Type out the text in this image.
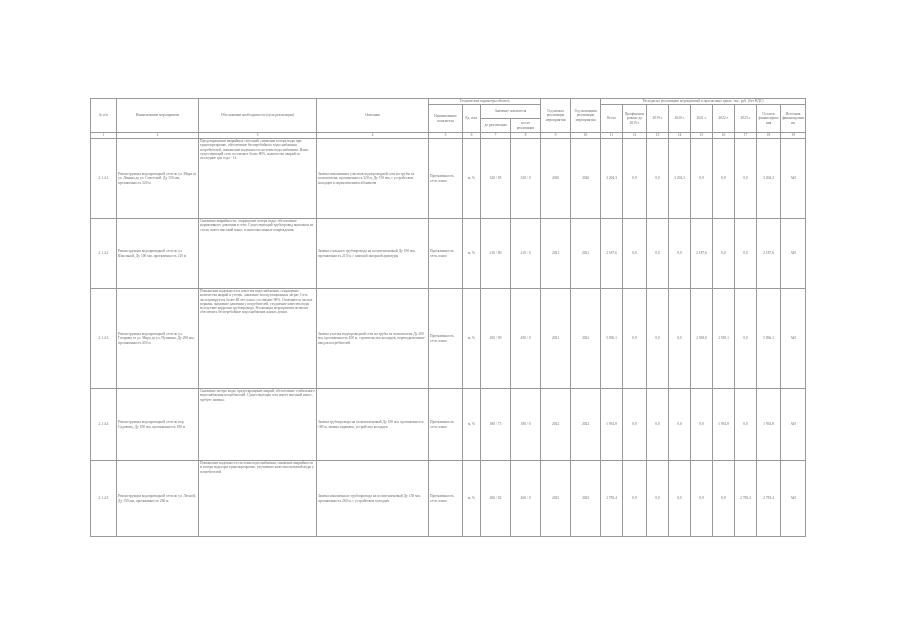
№ п/п	Наименование мероприятия	Обоснование необходимости (цель реализации)	Описание	Технические параметры объекта				Год начала реализации мероприятия	Год окончания реализации мероприятия	Расходы на реализацию мероприятий в прогнозных ценах, тыс. руб. (без НДС)								
				Наименование показателя	Ед. изм.	Значение показателя				Всего	Профинансировано до 2019 г.	2019 г.	2020 г.	2021 г.	2022 г.	2023 г.	Остаток финансирования	Источник финансирования
						до реализации	после реализации											
1	2	3	4	5	6	7	8	9	10	11	12	13	14	15	16	17	18	19
2.1.4.1	Реконструкция водопроводной сети по ул. Мира от ул. Ленина до ул. Советской, Ду 150 мм, протяженность 320 м	Предотвращение аварийных ситуаций, снижение потерь воды при транспортировке, обеспечение бесперебойного водоснабжения потребителей, повышение надежности системы водоснабжения. Износ существующей сети составляет более 80%, количество аварий за последние три года - 12.	Замена изношенных участков водопроводной сети на трубы из полиэтилена, протяженность 320 м, Ду 150 мм, с устройством колодцев и переключением абонентов	Протяженность сети, износ	м, %	320 / 85	320 / 0	2020	2020	3 204,3	0,0	0,0	3 204,3	0,0	0,0	0,0	3 204,3	АИ
2.1.4.2	Реконструкция водопроводной сети по ул. Школьной, Ду 100 мм, протяженность 210 м	Снижение аварийности, сокращение потерь воды, обеспечение нормативного давления в сети. Существующий трубопровод выполнен из стали, имеет высокий износ и многочисленные повреждения.	Замена стального трубопровода на полиэтиленовый Ду 100 мм, протяженность 210 м, с заменой запорной арматуры	Протяженность сети, износ	м, %	210 / 80	210 / 0	2021	2021	2 187,6	0,0	0,0	0,0	2 187,6	0,0	0,0	2 187,6	АИ
2.1.4.3	Реконструкция водопроводной сети по ул. Гагарина от ул. Мира до ул. Пушкина, Ду 200 мм, протяженность 450 м	Повышение надежности и качества водоснабжения, сокращение количества аварий и утечек, снижение эксплуатационных затрат. Сеть эксплуатируется более 40 лет, износ составляет 90%. Отмечаются частые порывы, снижение давления у потребителей, ухудшение качества воды вследствие коррозии трубопровода. Реализация мероприятия позволит обеспечить бесперебойное водоснабжение жилых домов.	Замена участка водопроводной сети на трубы из полиэтилена Ду 200 мм, протяженность 450 м, строительство колодцев, переподключение вводов потребителей	Протяженность сети, износ	м, %	450 / 90	450 / 0	2021	2022	5 836,1	0,0	0,0	0,0	2 918,0	2 918,1	0,0	5 836,1	АИ
2.1.4.4	Реконструкция водопроводной сети по пер. Садовому, Ду 100 мм, протяженность 180 м	Снижение потерь воды, предотвращение аварий, обеспечение стабильного водоснабжения потребителей. Существующая сеть имеет высокий износ, требует замены.	Замена трубопровода на полиэтиленовый Ду 100 мм, протяженность 180 м, замена задвижек, устройство колодцев	Протяженность сети, износ	м, %	180 / 75	180 / 0	2022	2022	1 954,8	0,0	0,0	0,0	0,0	1 954,8	0,0	1 954,8	АИ
2.1.4.5	Реконструкция водопроводной сети по ул. Лесной, Ду 150 мм, протяженность 260 м	Повышение надежности системы водоснабжения, снижение аварийности и потерь воды при транспортировке, улучшение качества питьевой воды у потребителей.	Замена изношенного трубопровода на полиэтиленовый Ду 150 мм, протяженность 260 м, с устройством колодцев	Протяженность сети, износ	м, %	260 / 82	260 / 0	2023	2023	2 783,4	0,0	0,0	0,0	0,0	0,0	2 783,4	2 783,4	АИ
